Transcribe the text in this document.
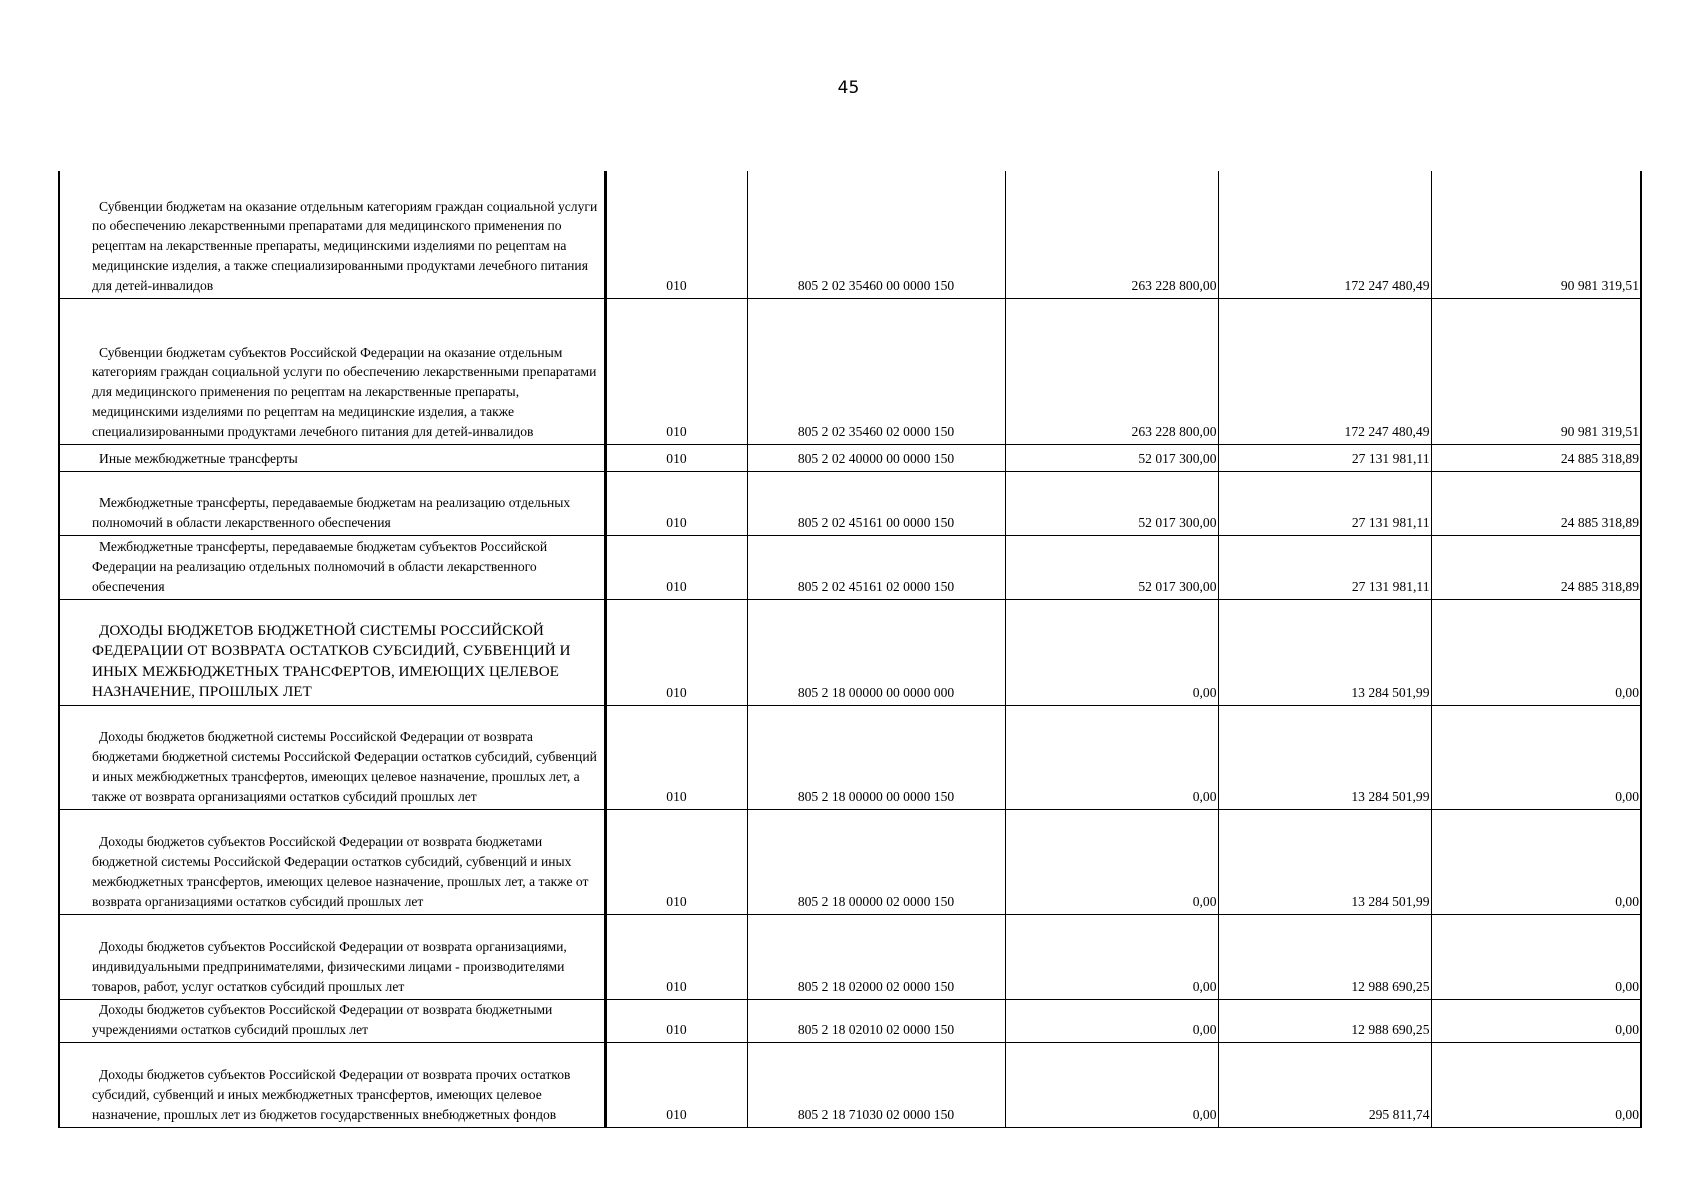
45
Субвенции бюджетам на оказание отдельным категориям граждан социальной услуги по обеспечению лекарственными препаратами для медицинского применения по рецептам на лекарственные препараты, медицинскими изделиями по рецептам на медицинские изделия, а также специализированными продуктами лечебного питания для детей-инвалидов	010	805 2 02 35460 00 0000 150	263 228 800,00	172 247 480,49	90 981 319,51
Субвенции бюджетам субъектов Российской Федерации на оказание отдельным категориям граждан социальной услуги по обеспечению лекарственными препаратами для медицинского применения по рецептам на лекарственные препараты, медицинскими изделиями по рецептам на медицинские изделия, а также специализированными продуктами лечебного питания для детей-инвалидов	010	805 2 02 35460 02 0000 150	263 228 800,00	172 247 480,49	90 981 319,51
Иные межбюджетные трансферты	010	805 2 02 40000 00 0000 150	52 017 300,00	27 131 981,11	24 885 318,89
Межбюджетные трансферты, передаваемые бюджетам на реализацию отдельных полномочий в области лекарственного обеспечения	010	805 2 02 45161 00 0000 150	52 017 300,00	27 131 981,11	24 885 318,89
Межбюджетные трансферты, передаваемые бюджетам субъектов Российской Федерации на реализацию отдельных полномочий в области лекарственного обеспечения	010	805 2 02 45161 02 0000 150	52 017 300,00	27 131 981,11	24 885 318,89
ДОХОДЫ БЮДЖЕТОВ БЮДЖЕТНОЙ СИСТЕМЫ РОССИЙСКОЙ ФЕДЕРАЦИИ ОТ ВОЗВРАТА ОСТАТКОВ СУБСИДИЙ, СУБВЕНЦИЙ И ИНЫХ МЕЖБЮДЖЕТНЫХ ТРАНСФЕРТОВ, ИМЕЮЩИХ ЦЕЛЕВОЕ НАЗНАЧЕНИЕ, ПРОШЛЫХ ЛЕТ	010	805 2 18 00000 00 0000 000	0,00	13 284 501,99	0,00
Доходы бюджетов бюджетной системы Российской Федерации от возврата бюджетами бюджетной системы Российской Федерации остатков субсидий, субвенций и иных межбюджетных трансфертов, имеющих целевое назначение, прошлых лет, а также от возврата организациями остатков субсидий прошлых лет	010	805 2 18 00000 00 0000 150	0,00	13 284 501,99	0,00
Доходы бюджетов субъектов Российской Федерации от возврата бюджетами бюджетной системы Российской Федерации остатков субсидий, субвенций и иных межбюджетных трансфертов, имеющих целевое назначение, прошлых лет, а также от возврата организациями остатков субсидий прошлых лет	010	805 2 18 00000 02 0000 150	0,00	13 284 501,99	0,00
Доходы бюджетов субъектов Российской Федерации от возврата организациями, индивидуальными предпринимателями, физическими лицами - производителями товаров, работ, услуг остатков субсидий прошлых лет	010	805 2 18 02000 02 0000 150	0,00	12 988 690,25	0,00
Доходы бюджетов субъектов Российской Федерации от возврата бюджетными учреждениями остатков субсидий прошлых лет	010	805 2 18 02010 02 0000 150	0,00	12 988 690,25	0,00
Доходы бюджетов субъектов Российской Федерации от возврата прочих остатков субсидий, субвенций и иных межбюджетных трансфертов, имеющих целевое назначение, прошлых лет из бюджетов государственных внебюджетных фондов	010	805 2 18 71030 02 0000 150	0,00	295 811,74	0,00
